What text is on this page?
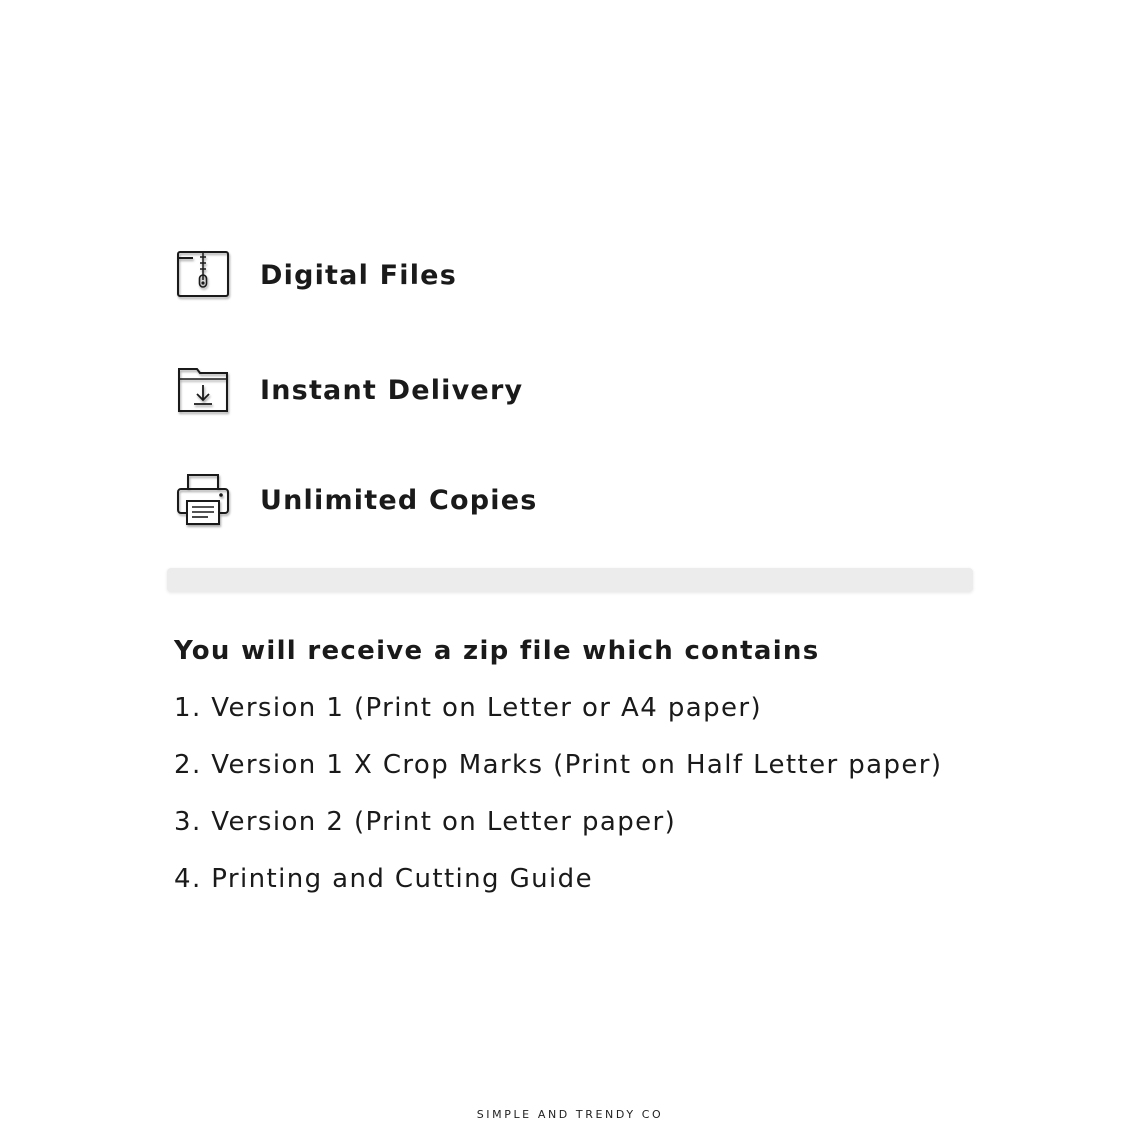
Digital Files
Instant Delivery
Unlimited Copies
You will receive a zip file which contains
1. Version 1 (Print on Letter or A4 paper)
2. Version 1 X Crop Marks (Print on Half Letter paper)
3. Version 2 (Print on Letter paper)
4. Printing and Cutting Guide
SIMPLE AND TRENDY CO
